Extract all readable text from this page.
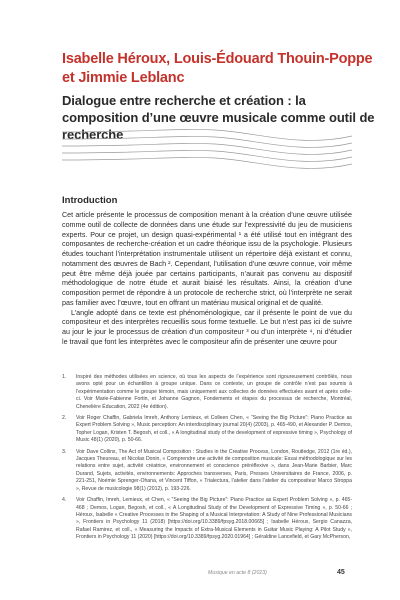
Isabelle Héroux, Louis-Édouard Thouin-Poppe et Jimmie Leblanc
Dialogue entre recherche et création : la composition d’une œuvre musicale comme outil de recherche
Introduction

Cet article présente le processus de composition menant à la création d’une œuvre utilisée comme outil de collecte de données dans une étude sur l’expressivité du jeu de musiciens experts. Pour ce projet, un design quasi-expérimental ¹ a été utilisé tout en intégrant des composantes de recherche-création et un cadre théorique issu de la psychologie. Plusieurs études touchant l’interprétation instrumentale utilisent un répertoire déjà existant et connu, notamment des œuvres de Bach ². Cependant, l’utilisation d’une œuvre connue, voir même peut être même déjà jouée par certains participants, n’aurait pas convenu au dispositif méthodologique de notre étude et aurait biaisé les résultats. Ainsi, la création d’une composition permet de répondre à un protocole de recherche strict, où l’interprète ne serait pas familier avec l’œuvre, tout en offrant un matériau musical original et de qualité.

L’angle adopté dans ce texte est phénoménologique, car il présente le point de vue du compositeur et des interprètes recueillis sous forme textuelle. Le but n’est pas ici de suivre au jour le jour le processus de création d’un compositeur ³ ou d’un interprète ⁴, ni d’étudier le travail que font les interprètes avec le compositeur afin de présenter une œuvre pour

1. Inspiré des méthodes utilisées en science, où tous les aspects de l’expérience sont rigoureusement contrôlés, nous avons opté pour un échantillon à groupe unique. Dans ce contexte, un groupe de contrôle n’est pas soumis à l’expérimentation comme le groupe témoin, mais uniquement aux collectes de données effectuées avant et après celle-ci. Voir Marie-Fabienne Fortin, et Johanne Gagnon, Fondements et étapes du processus de recherche, Montréal, Chenelière Éducation, 2022 (4e édition).
2. Voir Roger Chaffin, Gabriela Imreh, Anthony Lemieux, et Colleen Chen, « “Seeing the Big Picture”: Piano Practice as Expert Problem Solving », Music perception: An interdisciplinary journal 20(4) (2003), p. 465-490, et Alexander P. Demos, Topher Logan, Kristen T. Begosh, et coll., « A longitudinal study of the development of expressive timing », Psychology of Music 48(1) (2020), p. 50-66.
3. Voir Dave Collins, The Act of Musical Composition : Studies in the Creative Process, London, Routledge, 2012 (1re éd.), Jacques Theureau, et Nicolas Donin, « Comprendre une activité de composition musicale: Essai méthodologique sur les relations entre sujet, activité créatrice, environnement et conscience préréflexive », dans Jean-Marie Barbier, Marc Durand, Sujets, activités, environnements: Approches transverses, Paris, Presses Universitaires de France, 2006, p. 221-251, Noémie Sprenger-Ohana, et Vincent Tiffon, « Trialectura, l’atelier dans l’atelier du compositeur Marco Stroppa », Revue de musicologie 98(1) (2012), p. 193-226.
4. Voir Chaffin, Imreh, Lemieux, et Chen, « “Seeing the Big Picture”: Piano Practice as Expert Problem Solving », p. 465-468 ; Demos, Logan, Begosh, et coll., « A Longitudinal Study of the Development of Expressive Timing », p. 50-66 ; Héroux, Isabelle « Creative Processes in the Shaping of a Musical Interpretation: A Study of Nine Professional Musicians », Frontiers in Psychology 11 (2018) [https://doi.org/10.3389/fpsyg.2018.00665] ; Isabelle Héroux, Sergio Canazza, Rafael Ramirez, et coll., « Measuring the Impacts of Extra-Musical Elements in Guitar Music Playing: A Pilot Study », Frontiers in Psychology 11 (2020) [https://doi.org/10.3389/fpsyg.2020.01964] ; Géraldine Lancefield, et Gary McPherson,
Musique en acte 8 (2023)	45
